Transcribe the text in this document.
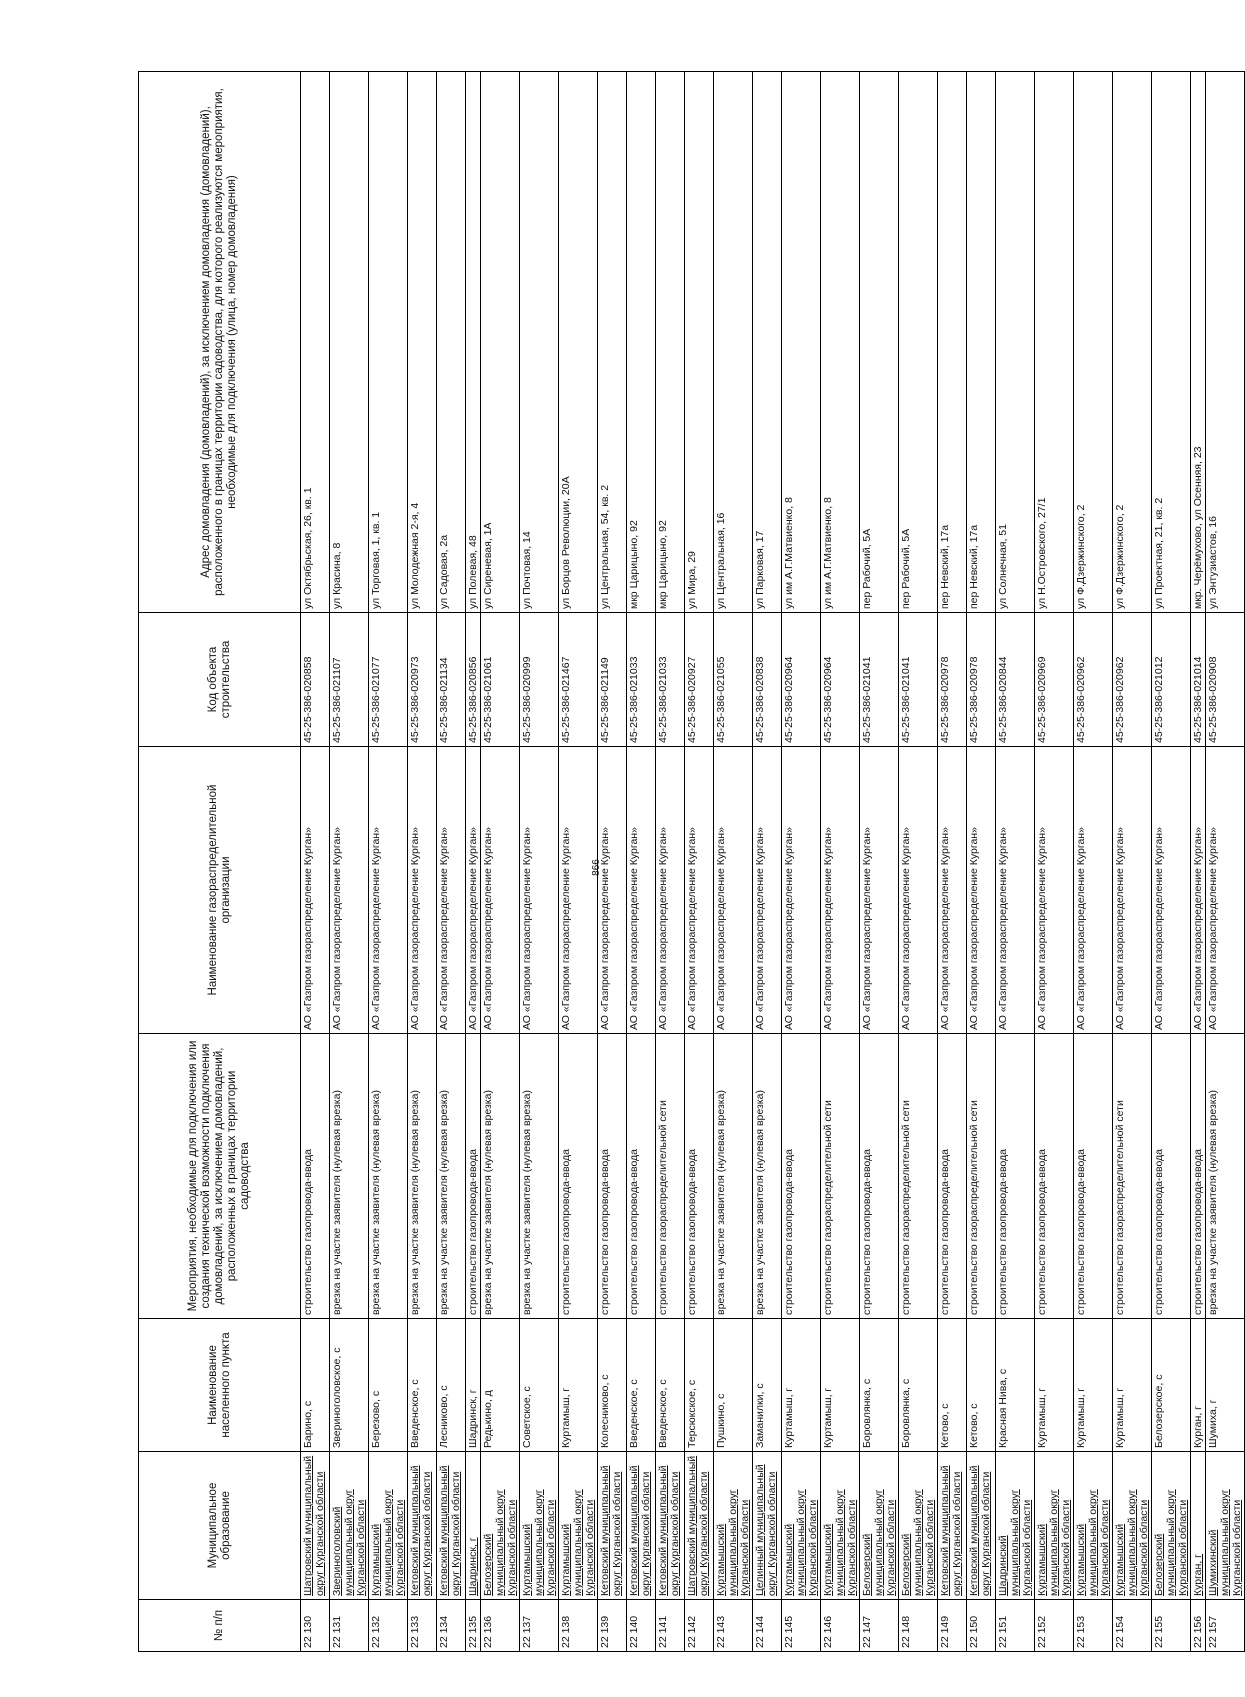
866
№ п/п	Муниципальное образование	Наименование населенного пункта	Мероприятия, необходимые для подключения или создания технической возможности подключения домовладений, за исключением домовладений, расположенных в границах территории садоводства	Наименование газораспределительной организации	Код объекта строительства	Адрес домовладения (домовладений), за исключением домовладения (домовладений), расположенного в границах территории садоводства, для которого реализуются мероприятия, необходимые для подключения (улица, номер домовладения)
22 130	Шатровский муниципальный округ Курганской области	Барино, с	строительство газопровода-ввода	АО «Газпром газораспределение Курган»	45-25-386-020858	ул Октябрьская, 26, кв. 1
22 131	Звериноголовский муниципальный округ Курганской области	Звериноголовское, с	врезка на участке заявителя (нулевая врезка)	АО «Газпром газораспределение Курган»	45-25-386-021107	ул Красина, 8
22 132	Куртамышский муниципальный округ Курганской области	Березово, с	врезка на участке заявителя (нулевая врезка)	АО «Газпром газораспределение Курган»	45-25-386-021077	ул Торговая, 1, кв. 1
22 133	Кетовский муниципальный округ Курганской области	Введенское, с	врезка на участке заявителя (нулевая врезка)	АО «Газпром газораспределение Курган»	45-25-386-020973	ул Молодежная 2-я, 4
22 134	Кетовский муниципальный округ Курганской области	Лесниково, с	врезка на участке заявителя (нулевая врезка)	АО «Газпром газораспределение Курган»	45-25-386-021134	ул Садовая, 2а
22 135	Шадринск, г	Шадринск, г	строительство газопровода-ввода	АО «Газпром газораспределение Курган»	45-25-386-020856	ул Полевая, 48
22 136	Белозерский муниципальный округ Курганской области	Редькино, д	врезка на участке заявителя (нулевая врезка)	АО «Газпром газораспределение Курган»	45-25-386-021061	ул Сиреневая, 1А
22 137	Куртамышский муниципальный округ Курганской области	Советское, с	врезка на участке заявителя (нулевая врезка)	АО «Газпром газораспределение Курган»	45-25-386-020999	ул Почтовая, 14
22 138	Куртамышский муниципальный округ Курганской области	Куртамыш, г	строительство газопровода-ввода	АО «Газпром газораспределение Курган»	45-25-386-021467	ул Борцов Революции, 20А
22 139	Кетовский муниципальный округ Курганской области	Колесниково, с	строительство газопровода-ввода	АО «Газпром газораспределение Курган»	45-25-386-021149	ул Центральная, 54, кв. 2
22 140	Кетовский муниципальный округ Курганской области	Введенское, с	строительство газопровода-ввода	АО «Газпром газораспределение Курган»	45-25-386-021033	мкр Царицыно, 92
22 141	Кетовский муниципальный округ Курганской области	Введенское, с	строительство газораспределительной сети	АО «Газпром газораспределение Курган»	45-25-386-021033	мкр Царицыно, 92
22 142	Шатровский муниципальный округ Курганской области	Терсюкское, с	строительство газопровода-ввода	АО «Газпром газораспределение Курган»	45-25-386-020927	ул Мира, 29
22 143	Куртамышский муниципальный округ Курганской области	Пушкино, с	врезка на участке заявителя (нулевая врезка)	АО «Газпром газораспределение Курган»	45-25-386-021055	ул Центральная, 16
22 144	Целинный муниципальный округ Курганской области	Заманилки, с	врезка на участке заявителя (нулевая врезка)	АО «Газпром газораспределение Курган»	45-25-386-020838	ул Парковая, 17
22 145	Куртамышский муниципальный округ Курганской области	Куртамыш, г	строительство газопровода-ввода	АО «Газпром газораспределение Курган»	45-25-386-020964	ул им А.Г.Матвиенко, 8
22 146	Куртамышский муниципальный округ Курганской области	Куртамыш, г	строительство газораспределительной сети	АО «Газпром газораспределение Курган»	45-25-386-020964	ул им А.Г.Матвиенко, 8
22 147	Белозерский муниципальный округ Курганской области	Боровлянка, с	строительство газопровода-ввода	АО «Газпром газораспределение Курган»	45-25-386-021041	пер Рабочий, 5А
22 148	Белозерский муниципальный округ Курганской области	Боровлянка, с	строительство газораспределительной сети	АО «Газпром газораспределение Курган»	45-25-386-021041	пер Рабочий, 5А
22 149	Кетовский муниципальный округ Курганской области	Кетово, с	строительство газопровода-ввода	АО «Газпром газораспределение Курган»	45-25-386-020978	пер Невский, 17а
22 150	Кетовский муниципальный округ Курганской области	Кетово, с	строительство газораспределительной сети	АО «Газпром газораспределение Курган»	45-25-386-020978	пер Невский, 17а
22 151	Шадринский муниципальный округ Курганской области	Красная Нива, с	строительство газопровода-ввода	АО «Газпром газораспределение Курган»	45-25-386-020844	ул Солнечная, 51
22 152	Куртамышский муниципальный округ Курганской области	Куртамыш, г	строительство газопровода-ввода	АО «Газпром газораспределение Курган»	45-25-386-020969	ул Н.Островского, 27/1
22 153	Куртамышский муниципальный округ Курганской области	Куртамыш, г	строительство газопровода-ввода	АО «Газпром газораспределение Курган»	45-25-386-020962	ул Ф.Дзержинского, 2
22 154	Куртамышский муниципальный округ Курганской области	Куртамыш, г	строительство газораспределительной сети	АО «Газпром газораспределение Курган»	45-25-386-020962	ул Ф.Дзержинского, 2
22 155	Белозерский муниципальный округ Курганской области	Белозерское, с	строительство газопровода-ввода	АО «Газпром газораспределение Курган»	45-25-386-021012	ул Проектная, 21, кв. 2
22 156	Курган, г	Курган, г	строительство газопровода-ввода	АО «Газпром газораспределение Курган»	45-25-386-021014	мкр. Черёмухово, ул Осенняя, 23
22 157	Шумихинский муниципальный округ Курганской области	Шумиха, г	врезка на участке заявителя (нулевая врезка)	АО «Газпром газораспределение Курган»	45-25-386-020908	ул Энтузиастов, 16
